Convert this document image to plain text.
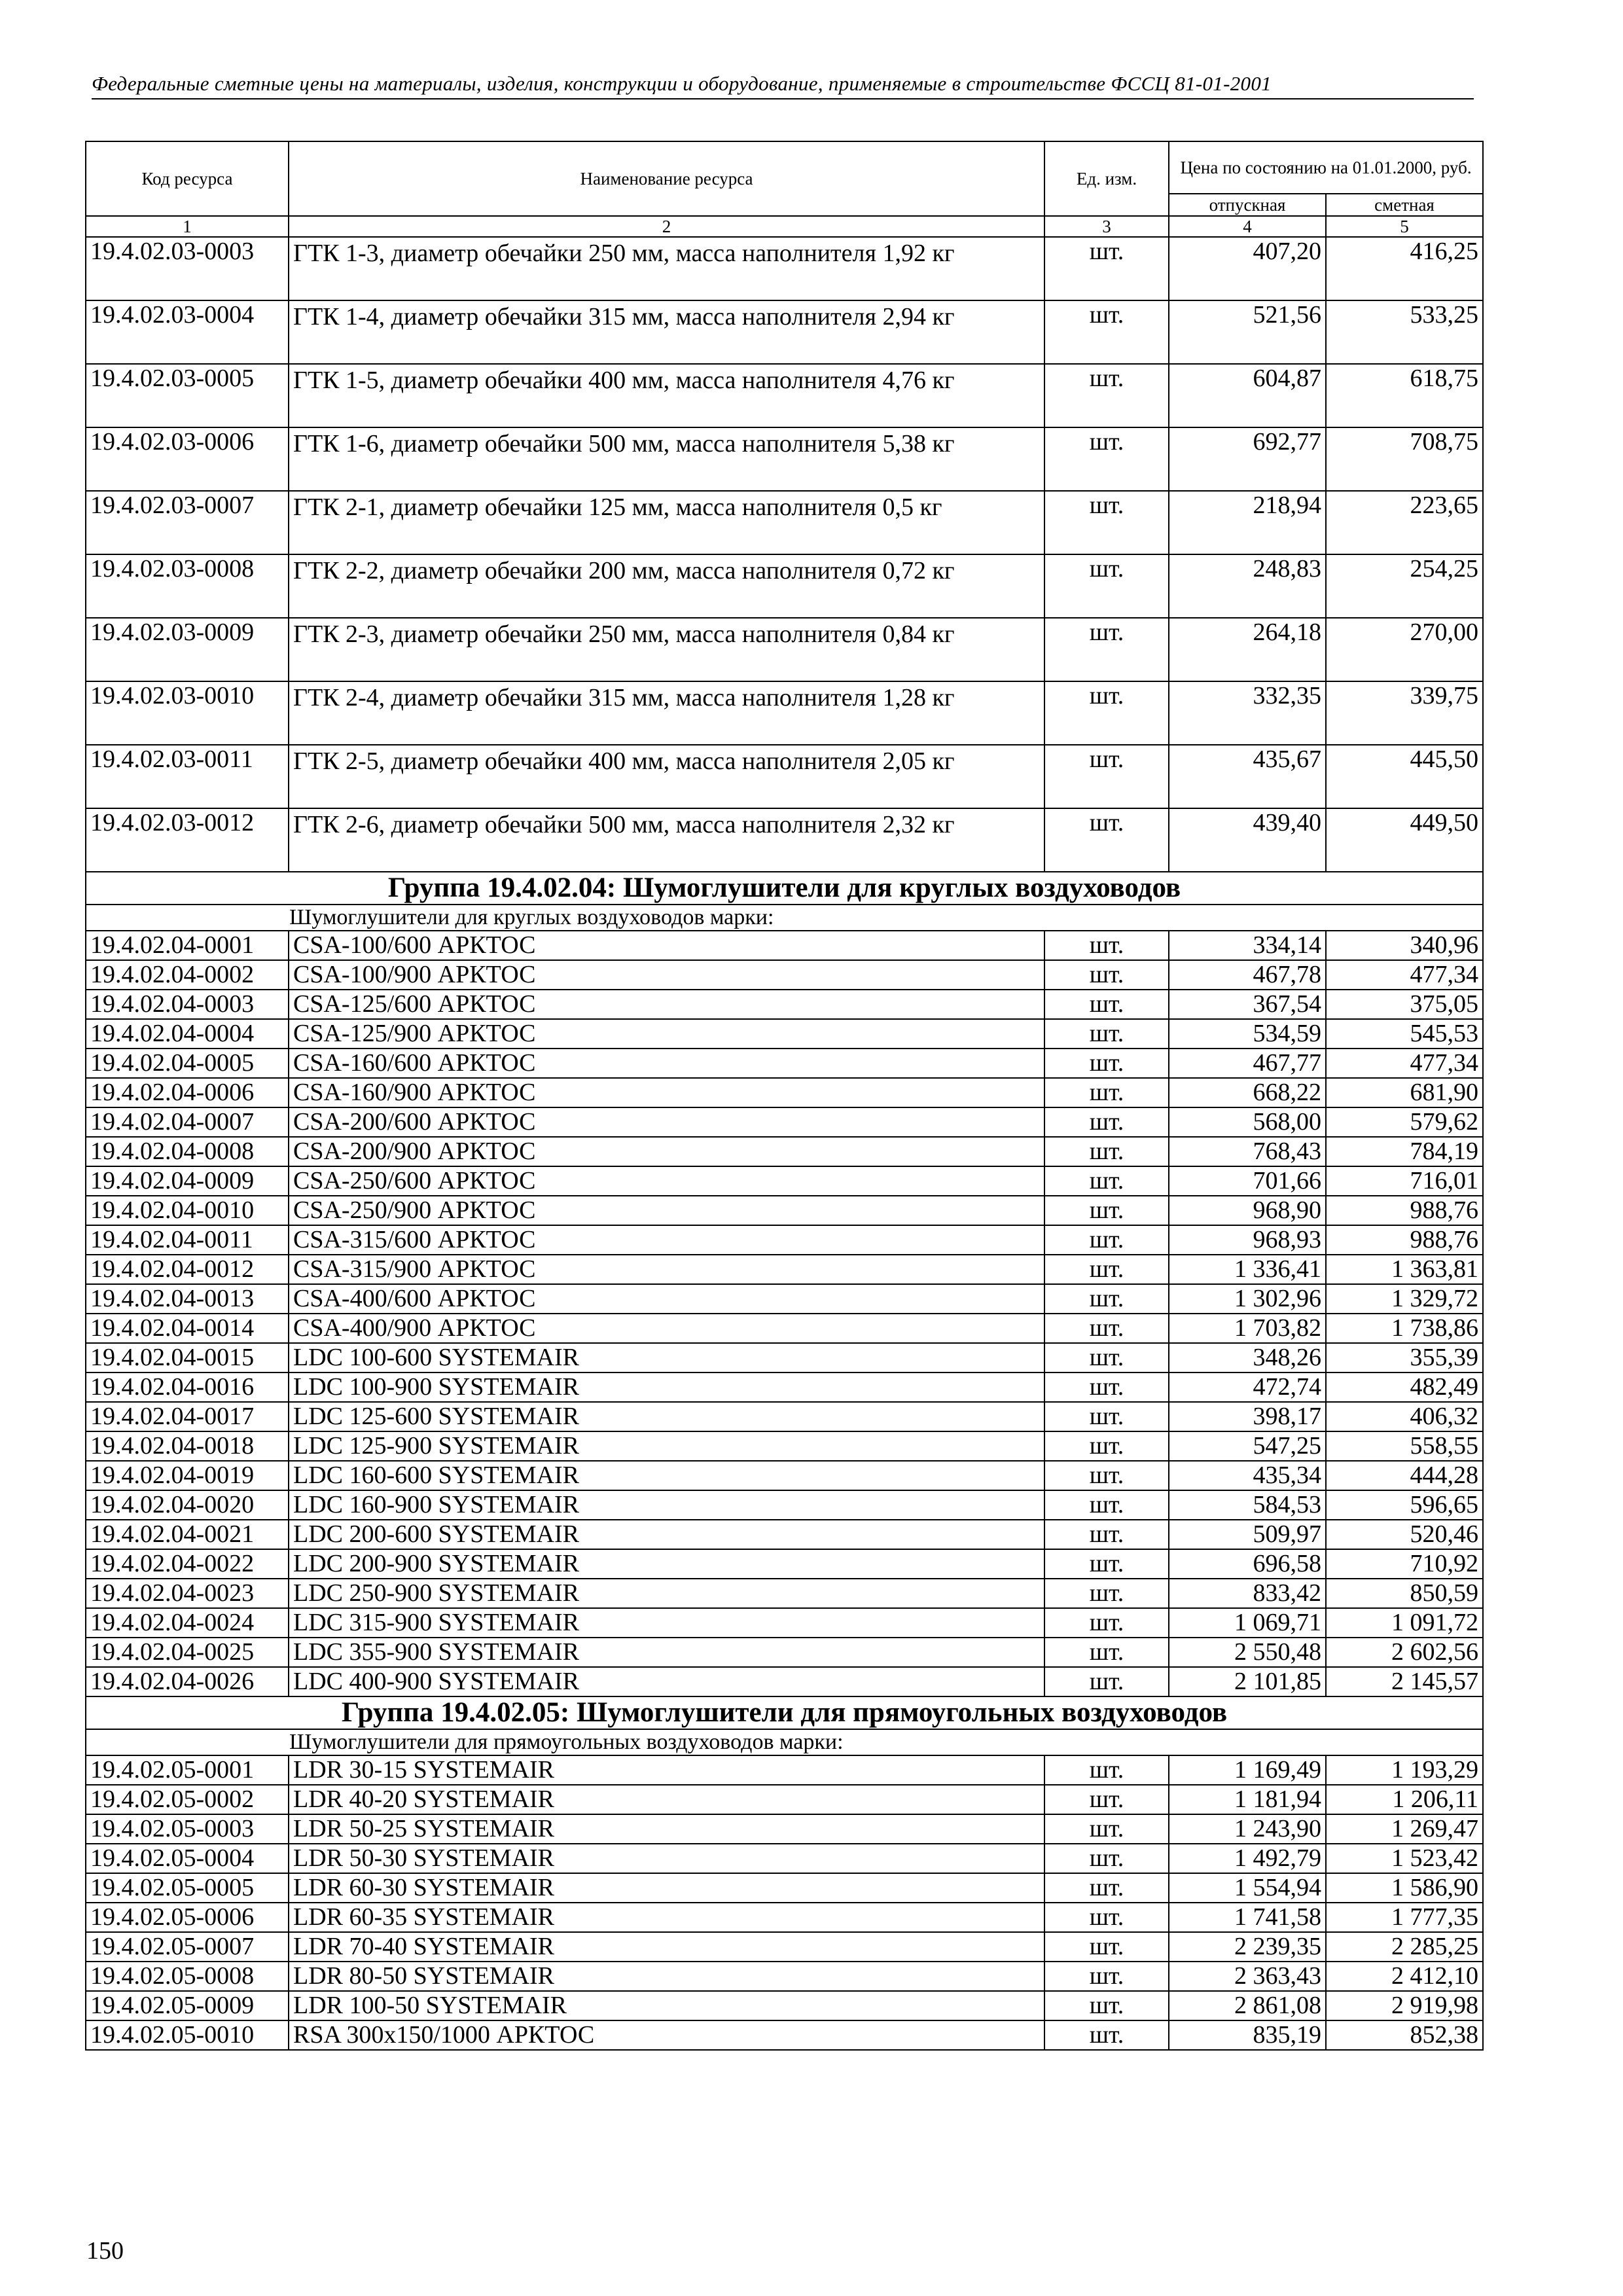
Федеральные сметные цены на материалы, изделия, конструкции и оборудование, применяемые в строительстве ФССЦ 81-01-2001
Код ресурса	Наименование ресурса	Ед. изм.	Цена по состоянию на 01.01.2000, руб.	
			отпускная	сметная
1	2	3	4	5
19.4.02.03-0003	ГТК 1-3, диаметр обечайки 250 мм, масса наполнителя 1,92 кг	шт.	407,20	416,25
19.4.02.03-0004	ГТК 1-4, диаметр обечайки 315 мм, масса наполнителя 2,94 кг	шт.	521,56	533,25
19.4.02.03-0005	ГТК 1-5, диаметр обечайки 400 мм, масса наполнителя 4,76 кг	шт.	604,87	618,75
19.4.02.03-0006	ГТК 1-6, диаметр обечайки 500 мм, масса наполнителя 5,38 кг	шт.	692,77	708,75
19.4.02.03-0007	ГТК 2-1, диаметр обечайки 125 мм, масса наполнителя 0,5 кг	шт.	218,94	223,65
19.4.02.03-0008	ГТК 2-2, диаметр обечайки 200 мм, масса наполнителя 0,72 кг	шт.	248,83	254,25
19.4.02.03-0009	ГТК 2-3, диаметр обечайки 250 мм, масса наполнителя 0,84 кг	шт.	264,18	270,00
19.4.02.03-0010	ГТК 2-4, диаметр обечайки 315 мм, масса наполнителя 1,28 кг	шт.	332,35	339,75
19.4.02.03-0011	ГТК 2-5, диаметр обечайки 400 мм, масса наполнителя 2,05 кг	шт.	435,67	445,50
19.4.02.03-0012	ГТК 2-6, диаметр обечайки 500 мм, масса наполнителя 2,32 кг	шт.	439,40	449,50
Группа 19.4.02.04: Шумоглушители для круглых воздуховодов				
Шумоглушители для круглых воздуховодов марки:				
19.4.02.04-0001	CSA-100/600 АРКТОС	шт.	334,14	340,96
19.4.02.04-0002	CSA-100/900 АРКТОС	шт.	467,78	477,34
19.4.02.04-0003	CSA-125/600 АРКТОС	шт.	367,54	375,05
19.4.02.04-0004	CSA-125/900 АРКТОС	шт.	534,59	545,53
19.4.02.04-0005	CSA-160/600 АРКТОС	шт.	467,77	477,34
19.4.02.04-0006	CSA-160/900 АРКТОС	шт.	668,22	681,90
19.4.02.04-0007	CSA-200/600 АРКТОС	шт.	568,00	579,62
19.4.02.04-0008	CSA-200/900 АРКТОС	шт.	768,43	784,19
19.4.02.04-0009	CSA-250/600 АРКТОС	шт.	701,66	716,01
19.4.02.04-0010	CSA-250/900 АРКТОС	шт.	968,90	988,76
19.4.02.04-0011	CSA-315/600 АРКТОС	шт.	968,93	988,76
19.4.02.04-0012	CSA-315/900 АРКТОС	шт.	1 336,41	1 363,81
19.4.02.04-0013	CSA-400/600 АРКТОС	шт.	1 302,96	1 329,72
19.4.02.04-0014	CSA-400/900 АРКТОС	шт.	1 703,82	1 738,86
19.4.02.04-0015	LDC 100-600 SYSTEMAIR	шт.	348,26	355,39
19.4.02.04-0016	LDC 100-900 SYSTEMAIR	шт.	472,74	482,49
19.4.02.04-0017	LDC 125-600 SYSTEMAIR	шт.	398,17	406,32
19.4.02.04-0018	LDC 125-900 SYSTEMAIR	шт.	547,25	558,55
19.4.02.04-0019	LDC 160-600 SYSTEMAIR	шт.	435,34	444,28
19.4.02.04-0020	LDC 160-900 SYSTEMAIR	шт.	584,53	596,65
19.4.02.04-0021	LDC 200-600 SYSTEMAIR	шт.	509,97	520,46
19.4.02.04-0022	LDC 200-900 SYSTEMAIR	шт.	696,58	710,92
19.4.02.04-0023	LDC 250-900 SYSTEMAIR	шт.	833,42	850,59
19.4.02.04-0024	LDC 315-900 SYSTEMAIR	шт.	1 069,71	1 091,72
19.4.02.04-0025	LDC 355-900 SYSTEMAIR	шт.	2 550,48	2 602,56
19.4.02.04-0026	LDC 400-900 SYSTEMAIR	шт.	2 101,85	2 145,57
Группа 19.4.02.05: Шумоглушители для прямоугольных воздуховодов				
Шумоглушители для прямоугольных воздуховодов марки:				
19.4.02.05-0001	LDR 30-15 SYSTEMAIR	шт.	1 169,49	1 193,29
19.4.02.05-0002	LDR 40-20 SYSTEMAIR	шт.	1 181,94	1 206,11
19.4.02.05-0003	LDR 50-25 SYSTEMAIR	шт.	1 243,90	1 269,47
19.4.02.05-0004	LDR 50-30 SYSTEMAIR	шт.	1 492,79	1 523,42
19.4.02.05-0005	LDR 60-30 SYSTEMAIR	шт.	1 554,94	1 586,90
19.4.02.05-0006	LDR 60-35 SYSTEMAIR	шт.	1 741,58	1 777,35
19.4.02.05-0007	LDR 70-40 SYSTEMAIR	шт.	2 239,35	2 285,25
19.4.02.05-0008	LDR 80-50 SYSTEMAIR	шт.	2 363,43	2 412,10
19.4.02.05-0009	LDR 100-50 SYSTEMAIR	шт.	2 861,08	2 919,98
19.4.02.05-0010	RSA 300х150/1000 АРКТОС	шт.	835,19	852,38
150
